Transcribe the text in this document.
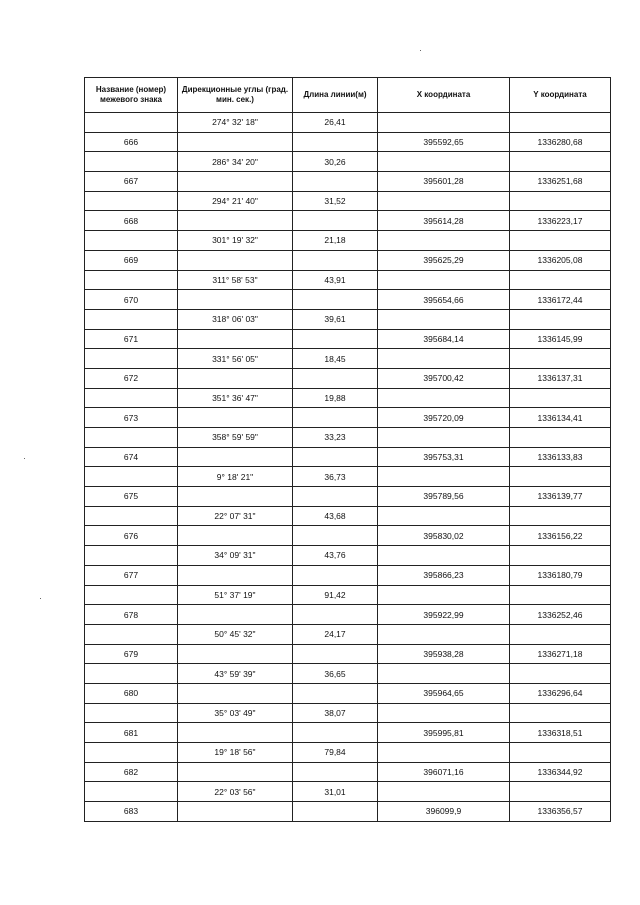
Название (номер) межевого знака	Дирекционные углы (град. мин. сек.)	Длина линии(м)	X координата	Y координата
	274° 32' 18"	26,41		
666			395592,65	1336280,68
	286° 34' 20"	30,26		
667			395601,28	1336251,68
	294° 21' 40"	31,52		
668			395614,28	1336223,17
	301° 19' 32"	21,18		
669			395625,29	1336205,08
	311° 58' 53"	43,91		
670			395654,66	1336172,44
	318° 06' 03"	39,61		
671			395684,14	1336145,99
	331° 56' 05"	18,45		
672			395700,42	1336137,31
	351° 36' 47"	19,88		
673			395720,09	1336134,41
	358° 59' 59"	33,23		
674			395753,31	1336133,83
	9° 18' 21"	36,73		
675			395789,56	1336139,77
	22° 07' 31"	43,68		
676			395830,02	1336156,22
	34° 09' 31"	43,76		
677			395866,23	1336180,79
	51° 37' 19"	91,42		
678			395922,99	1336252,46
	50° 45' 32"	24,17		
679			395938,28	1336271,18
	43° 59' 39"	36,65		
680			395964,65	1336296,64
	35° 03' 49"	38,07		
681			395995,81	1336318,51
	19° 18' 56"	79,84		
682			396071,16	1336344,92
	22° 03' 56"	31,01		
683			396099,9	1336356,57
